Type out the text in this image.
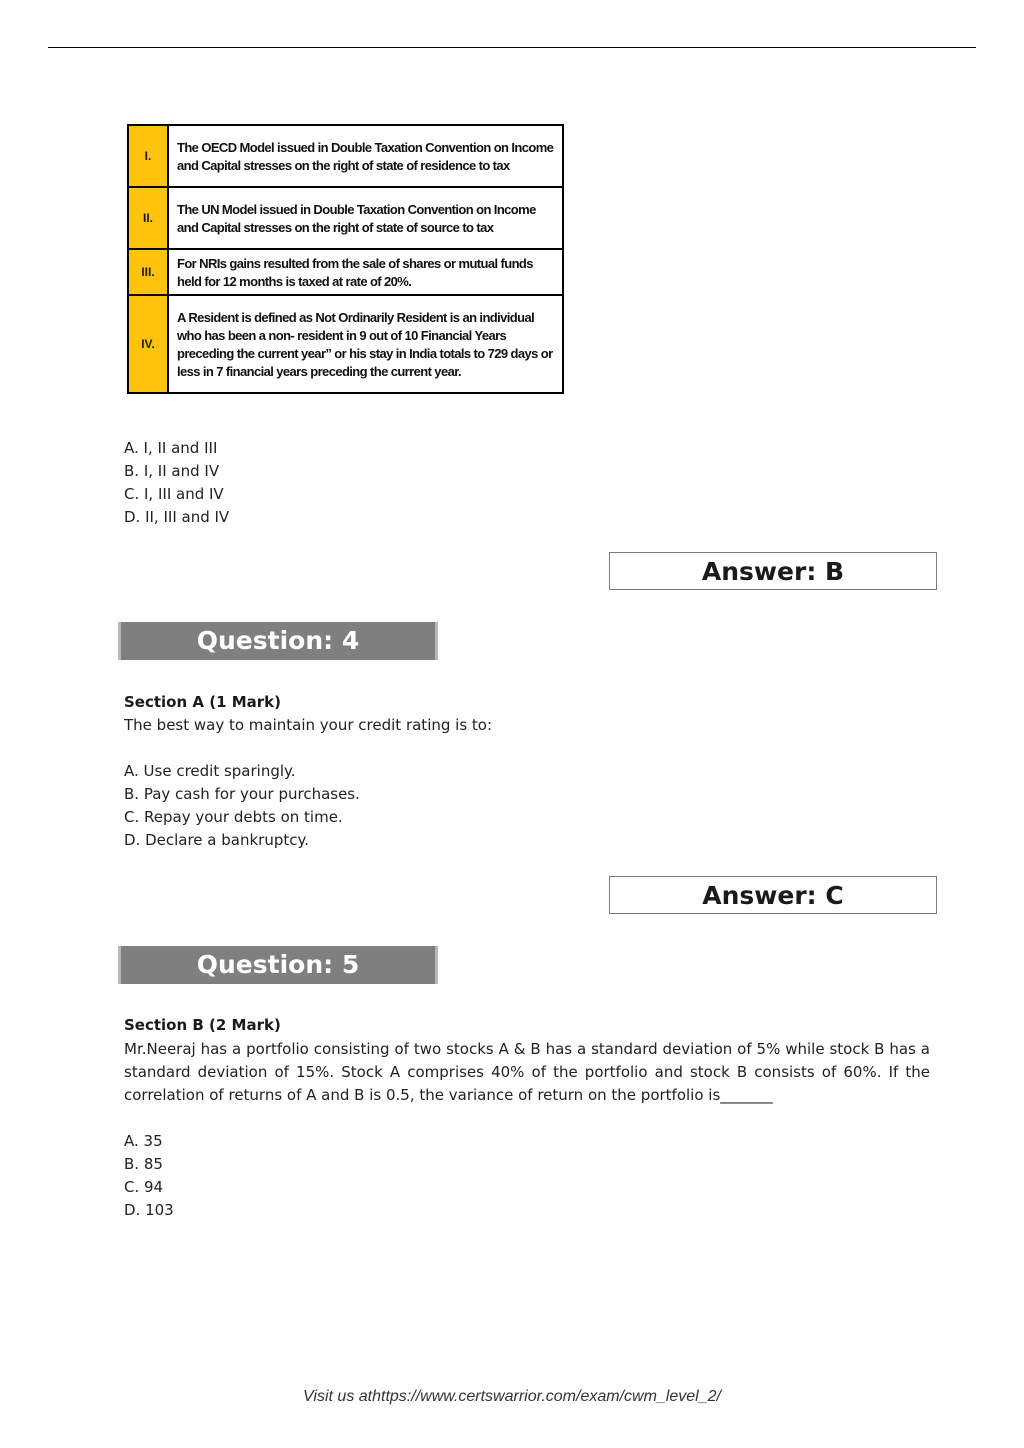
I.	The OECD Model issued in Double Taxation Convention on Income and Capital stresses on the right of state of residence to tax
II.	The UN Model issued in Double Taxation Convention on Income and Capital stresses on the right of state of source to tax
III.	For NRIs gains resulted from the sale of shares or mutual funds held for 12 months is taxed at rate of 20%.
IV.	A Resident is defined as Not Ordinarily Resident is an individual who has been a non- resident in 9 out of 10 Financial Years preceding the current year” or his stay in India totals to 729 days or less in 7 financial years preceding the current year.
A. I, II and III
B. I, II and IV
C. I, III and IV
D. II, III and IV
Answer: B
Question: 4
Section A (1 Mark)

The best way to maintain your credit rating is to:

A. Use credit sparingly.
B. Pay cash for your purchases.
C. Repay your debts on time.
D. Declare a bankruptcy.
Answer: C
Question: 5
Section B (2 Mark)

Mr.Neeraj has a portfolio consisting of two stocks A & B has a standard deviation of 5% while stock B has a standard deviation of 15%. Stock A comprises 40% of the portfolio and stock B consists of 60%. If the correlation of returns of A and B is 0.5, the variance of return on the portfolio is_______

A. 35
B. 85
C. 94
D. 103
Visit us athttps://www.certswarrior.com/exam/cwm_level_2/
